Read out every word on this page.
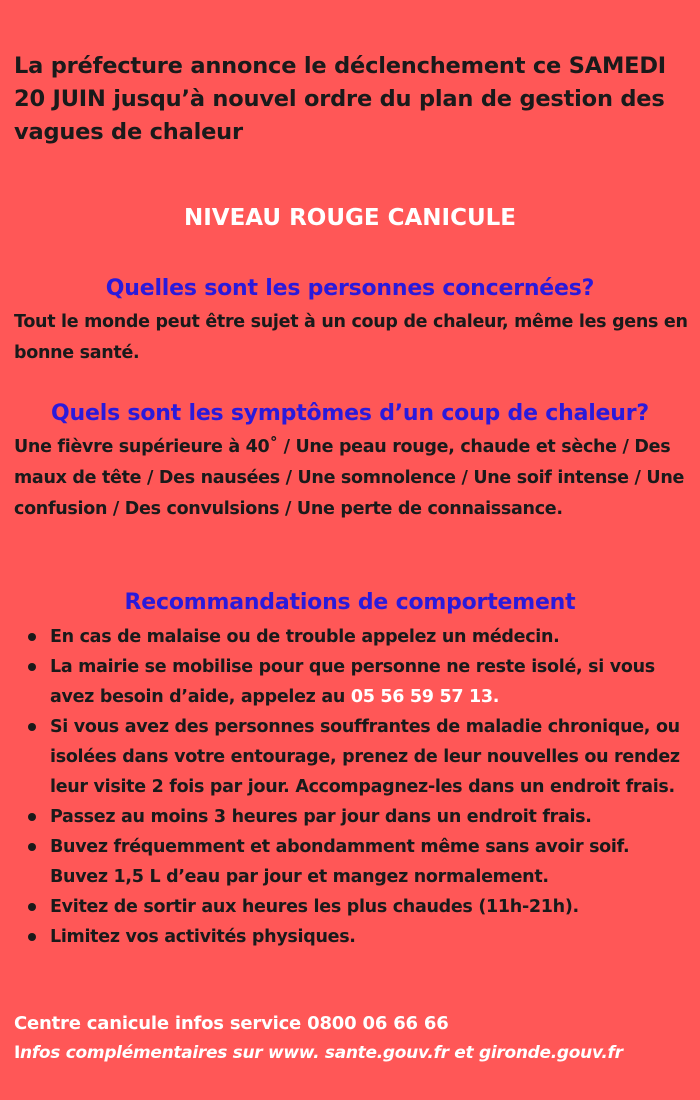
La préfecture annonce le déclenchement ce SAMEDI 20 JUIN jusqu’à nouvel ordre du plan de gestion des vagues de chaleur
NIVEAU ROUGE CANICULE
Quelles sont les personnes concernées?
Tout le monde peut être sujet à un coup de chaleur, même les gens en bonne santé.
Quels sont les symptômes d’un coup de chaleur?
Une fièvre supérieure à 40˚ / Une peau rouge, chaude et sèche / Des maux de tête / Des nausées / Une somnolence / Une soif intense / Une confusion / Des convulsions / Une perte de connaissance.
Recommandations de comportement
En cas de malaise ou de trouble appelez un médecin.
La mairie se mobilise pour que personne ne reste isolé, si vous avez besoin d’aide, appelez au 05 56 59 57 13.
Si vous avez des personnes souffrantes de maladie chronique, ou isolées dans votre entourage, prenez de leur nouvelles ou rendez leur visite 2 fois par jour. Accompagnez-les dans un endroit frais.
Passez au moins 3 heures par jour dans un endroit frais.
Buvez fréquemment et abondamment même sans avoir soif. Buvez 1,5 L d’eau par jour et mangez normalement.
Evitez de sortir aux heures les plus chaudes (11h-21h).
Limitez vos activités physiques.
Centre canicule infos service 0800 06 66 66
Infos complémentaires sur www. sante.gouv.fr et gironde.gouv.fr
